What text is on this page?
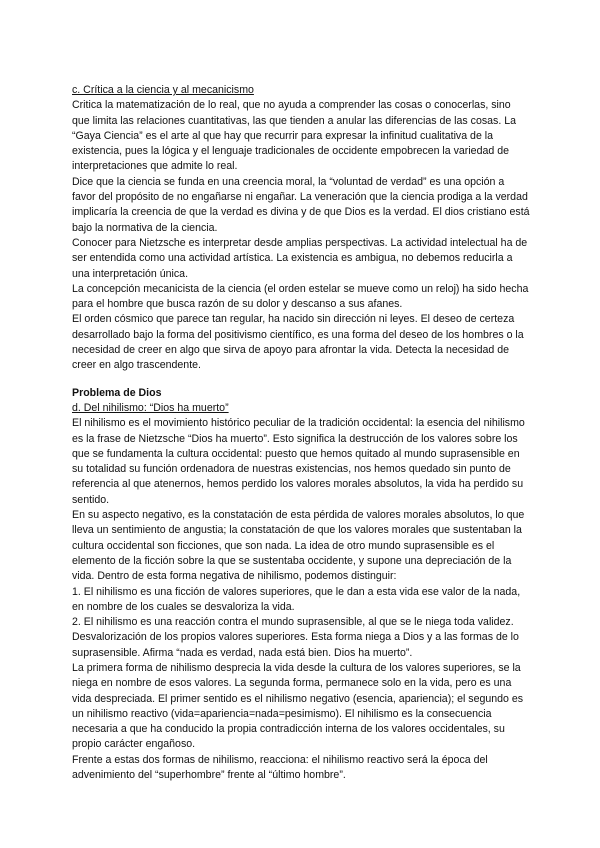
c. Crítica a la ciencia y al mecanicismo

Critica la matematización de lo real, que no ayuda a comprender las cosas o conocerlas, sino que limita las relaciones cuantitativas, las que tienden a anular las diferencias de las cosas. La “Gaya Ciencia” es el arte al que hay que recurrir para expresar la infinitud cualitativa de la existencia, pues la lógica y el lenguaje tradicionales de occidente empobrecen la variedad de interpretaciones que admite lo real.

Dice que la ciencia se funda en una creencia moral, la “voluntad de verdad” es una opción a favor del propósito de no engañarse ni engañar. La veneración que la ciencia prodiga a la verdad implicaría la creencia de que la verdad es divina y de que Dios es la verdad. El dios cristiano está bajo la normativa de la ciencia.

Conocer para Nietzsche es interpretar desde amplias perspectivas. La actividad intelectual ha de ser entendida como una actividad artística. La existencia es ambigua, no debemos reducirla a una interpretación única.

La concepción mecanicista de la ciencia (el orden estelar se mueve como un reloj) ha sido hecha para el hombre que busca razón de su dolor y descanso a sus afanes.

El orden cósmico que parece tan regular, ha nacido sin dirección ni leyes. El deseo de certeza desarrollado bajo la forma del positivismo científico, es una forma del deseo de los hombres o la necesidad de creer en algo que sirva de apoyo para afrontar la vida. Detecta la necesidad de creer en algo trascendente.

Problema de Dios

d. Del nihilismo: “Dios ha muerto”

El nihilismo es el movimiento histórico peculiar de la tradición occidental: la esencia del nihilismo es la frase de Nietzsche “Dios ha muerto”. Esto significa la destrucción de los valores sobre los que se fundamenta la cultura occidental: puesto que hemos quitado al mundo suprasensible en su totalidad su función ordenadora de nuestras existencias, nos hemos quedado sin punto de referencia al que atenernos, hemos perdido los valores morales absolutos, la vida ha perdido su sentido.

En su aspecto negativo, es la constatación de esta pérdida de valores morales absolutos, lo que lleva un sentimiento de angustia; la constatación de que los valores morales que sustentaban la cultura occidental son ficciones, que son nada. La idea de otro mundo suprasensible es el elemento de la ficción sobre la que se sustentaba occidente, y supone una depreciación de la vida. Dentro de esta forma negativa de nihilismo, podemos distinguir:

1. El nihilismo es una ficción de valores superiores, que le dan a esta vida ese valor de la nada, en nombre de los cuales se desvaloriza la vida.

2. El nihilismo es una reacción contra el mundo suprasensible, al que se le niega toda validez. Desvalorización de los propios valores superiores. Esta forma niega a Dios y a las formas de lo suprasensible. Afirma “nada es verdad, nada está bien. Dios ha muerto”.

La primera forma de nihilismo desprecia la vida desde la cultura de los valores superiores, se la niega en nombre de esos valores. La segunda forma, permanece solo en la vida, pero es una vida despreciada. El primer sentido es el nihilismo negativo (esencia, apariencia); el segundo es un nihilismo reactivo (vida=apariencia=nada=pesimismo). El nihilismo es la consecuencia necesaria a que ha conducido la propia contradicción interna de los valores occidentales, su propio carácter engañoso.

Frente a estas dos formas de nihilismo, reacciona: el nihilismo reactivo será la época del advenimiento del “superhombre” frente al “último hombre”.
